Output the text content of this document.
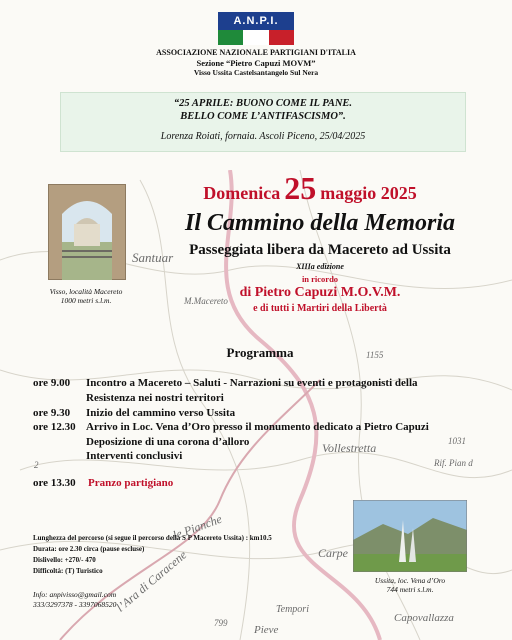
Santuar
M.Macereto
1155
1031
Vollestretta
Rif. Pian d
2
le Pianche
l’Ara di Caracene	Carpe
Tempori
Capovallazza
Pieve
799
A.N.P.I.
ASSOCIAZIONE NAZIONALE PARTIGIANI D'ITALIA
Sezione “Pietro Capuzi MOVM”
Visso Ussita Castelsantangelo Sul Nera
“25 APRILE: BUONO COME IL PANE.
BELLO COME L’ANTIFASCISMO”.
Lorenza Roiati, fornaia. Ascoli Piceno, 25/04/2025
Visso, località Macereto
1000 metri s.l.m.
Domenica 25 maggio 2025
Il Cammino della Memoria
Passeggiata libera da Macereto ad Ussita
XIIIa edizione
in ricordo
di Pietro Capuzi M.O.V.M.
e di tutti i Martiri della Libertà
Programma
ore 9.00 Incontro a Macereto – Saluti - Narrazioni su eventi e protagonisti della
Resistenza nei nostri territori
ore 9.30 Inizio del cammino verso Ussita
ore 12.30 Arrivo in Loc. Vena d’Oro presso il monumento dedicato a Pietro Capuzi
Deposizione di una corona d’alloro
Interventi conclusivi
ore 13.30 Pranzo partigiano
Lunghezza del percorso (si segue il percorso della S P Macereto Ussita) : km10.5
Durata: ore 2.30 circa (pause escluse)
Dislivello: +270/- 470
Difficoltà: (T) Turistico
Info: anpivisso@gmail.com
333/3297378 - 3397068520
Ussita, loc. Vena d’Oro
744 metri s.l.m.
